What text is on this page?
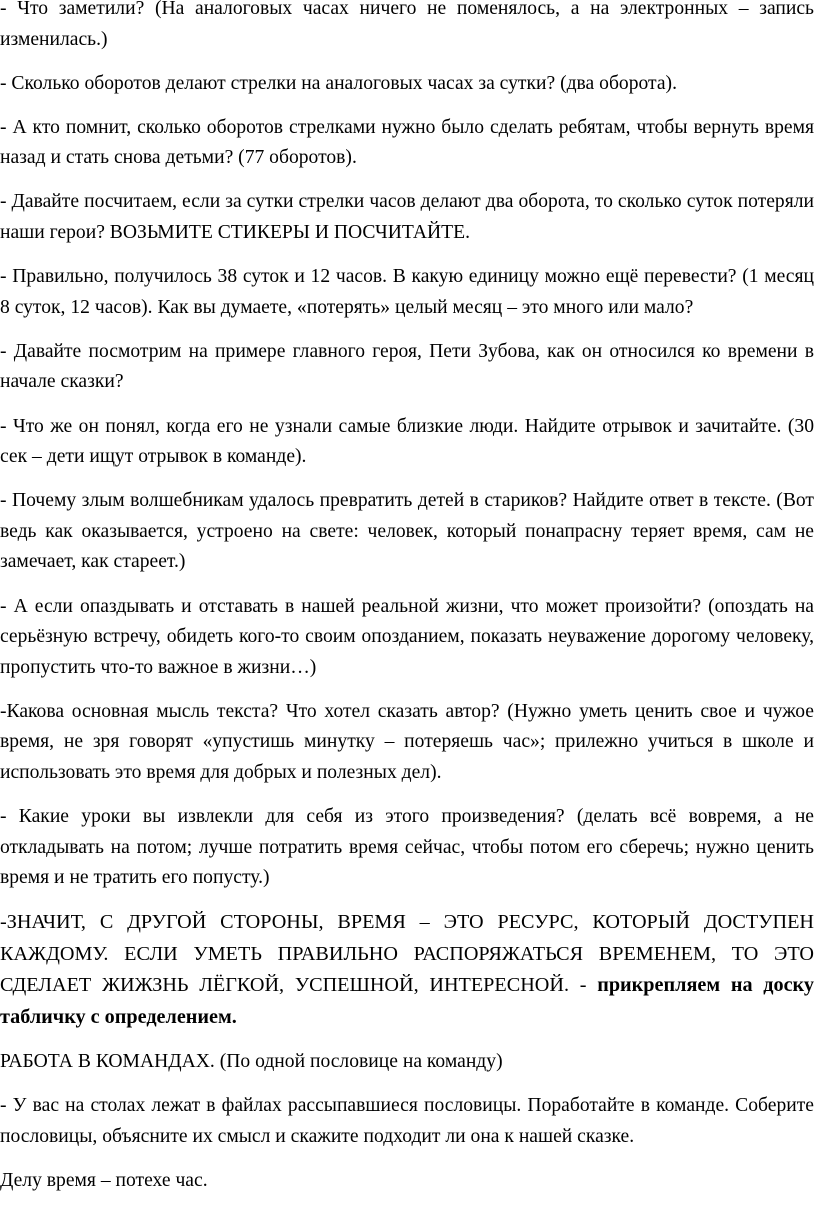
- Что заметили? (На аналоговых часах ничего не поменялось, а на электронных – запись изменилась.)

- Сколько оборотов делают стрелки на аналоговых часах за сутки? (два оборота).

- А кто помнит, сколько оборотов стрелками нужно было сделать ребятам, чтобы вернуть время назад и стать снова детьми? (77 оборотов).

- Давайте посчитаем, если за сутки стрелки часов делают два оборота, то сколько суток потеряли наши герои? ВОЗЬМИТЕ СТИКЕРЫ И ПОСЧИТАЙТЕ.

- Правильно, получилось 38 суток и 12 часов. В какую единицу можно ещё перевести? (1 месяц 8 суток, 12 часов). Как вы думаете, «потерять» целый месяц – это много или мало?

- Давайте посмотрим на примере главного героя, Пети Зубова, как он относился ко времени в начале сказки?

- Что же он понял, когда его не узнали самые близкие люди. Найдите отрывок и зачитайте. (30 сек – дети ищут отрывок в команде).

- Почему злым волшебникам удалось превратить детей в стариков? Найдите ответ в тексте. (Вот ведь как оказывается, устроено на свете: человек, который понапрасну теряет время, сам не замечает, как стареет.)

- А если опаздывать и отставать в нашей реальной жизни, что может произойти? (опоздать на серьёзную встречу, обидеть кого-то своим опозданием, показать неуважение дорогому человеку, пропустить что-то важное в жизни…)

-Какова основная мысль текста? Что хотел сказать автор? (Нужно уметь ценить свое и чужое время, не зря говорят «упустишь минутку – потеряешь час»; прилежно учиться в школе и использовать это время для добрых и полезных дел).

- Какие уроки вы извлекли для себя из этого произведения? (делать всё вовремя, а не откладывать на потом; лучше потратить время сейчас, чтобы потом его сберечь; нужно ценить время и не тратить его попусту.)

-ЗНАЧИТ, С ДРУГОЙ СТОРОНЫ, ВРЕМЯ – ЭТО РЕСУРС, КОТОРЫЙ ДОСТУПЕН КАЖДОМУ. ЕСЛИ УМЕТЬ ПРАВИЛЬНО РАСПОРЯЖАТЬСЯ ВРЕМЕНЕМ, ТО ЭТО СДЕЛАЕТ ЖИЖЗНЬ ЛЁГКОЙ, УСПЕШНОЙ, ИНТЕРЕСНОЙ. - прикрепляем на доску табличку с определением.

РАБОТА В КОМАНДАХ. (По одной пословице на команду)

- У вас на столах лежат в файлах рассыпавшиеся пословицы. Поработайте в команде. Соберите пословицы, объясните их смысл и скажите подходит ли она к нашей сказке.

Делу время – потехе час.
